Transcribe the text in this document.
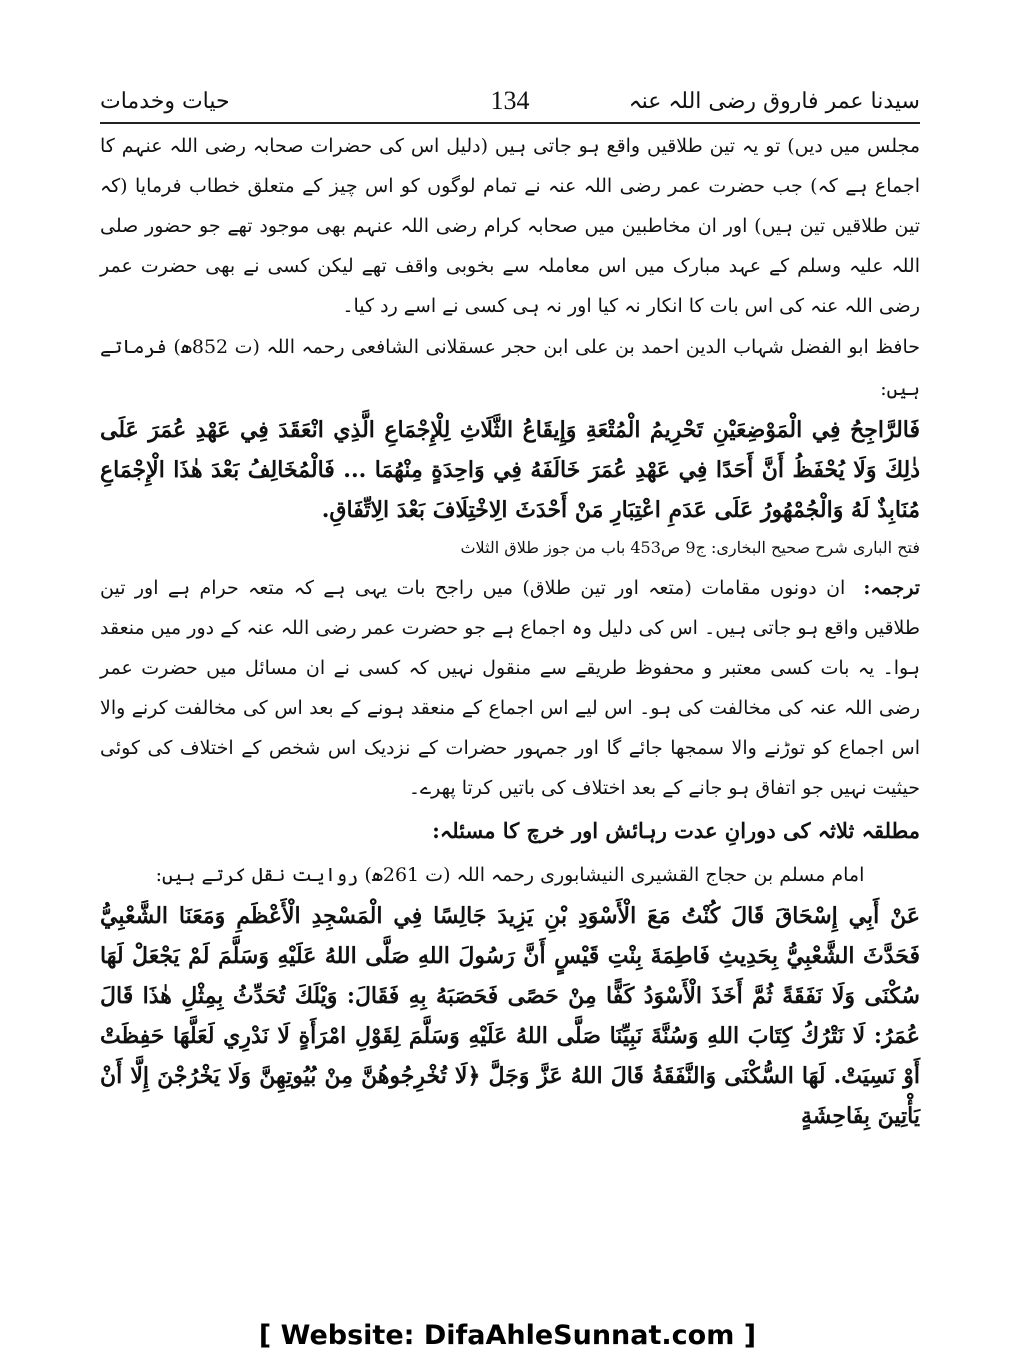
حیات وخدمات	134	سیدنا عمر فاروق رضی اللہ عنہ

مجلس میں دیں) تو یہ تین طلاقیں واقع ہو جاتی ہیں (دلیل اس کی حضرات صحابہ رضی اللہ عنہم کا اجماع ہے کہ) جب حضرت عمر رضی اللہ عنہ نے تمام لوگوں کو اس چیز کے متعلق خطاب فرمایا (کہ تین طلاقیں تین ہیں) اور ان مخاطبین میں صحابہ کرام رضی اللہ عنہم بھی موجود تھے جو حضور صلی اللہ علیہ وسلم کے عہد مبارک میں اس معاملہ سے بخوبی واقف تھے لیکن کسی نے بھی حضرت عمر رضی اللہ عنہ کی اس بات کا انکار نہ کیا اور نہ ہی کسی نے اسے رد کیا۔

حافظ ابو الفضل شہاب الدین احمد بن علی ابن حجر عسقلانی الشافعی رحمہ اللہ (ت 852ھ) فرماتے ہیں:

فَالرَّاجِحُ فِي الْمَوْضِعَيْنِ تَحْرِيمُ الْمُتْعَةِ وَإِيقَاعُ الثَّلَاثِ لِلْإِجْمَاعِ الَّذِي انْعَقَدَ فِي عَهْدِ عُمَرَ عَلَى ذٰلِكَ وَلَا يُحْفَظُ أَنَّ أَحَدًا فِي عَهْدِ عُمَرَ خَالَفَهُ فِي وَاحِدَةٍ مِنْهُمَا ... فَالْمُخَالِفُ بَعْدَ هٰذَا الْإِجْمَاعِ مُنَابِذٌ لَهُ وَالْجُمْهُورُ عَلَى عَدَمِ اعْتِبَارِ مَنْ أَحْدَثَ الِاخْتِلَافَ بَعْدَ الِاتِّفَاقِ.

فتح الباری شرح صحیح البخاری: ج9 ص453 باب من جوز طلاق الثلاث

ترجمہ:ان دونوں مقامات (متعہ اور تین طلاق) میں راجح بات یہی ہے کہ متعہ حرام ہے اور تین طلاقیں واقع ہو جاتی ہیں۔ اس کی دلیل وہ اجماع ہے جو حضرت عمر رضی اللہ عنہ کے دور میں منعقد ہوا۔ یہ بات کسی معتبر و محفوظ طریقے سے منقول نہیں کہ کسی نے ان مسائل میں حضرت عمر رضی اللہ عنہ کی مخالفت کی ہو۔ اس لیے اس اجماع کے منعقد ہونے کے بعد اس کی مخالفت کرنے والا اس اجماع کو توڑنے والا سمجھا جائے گا اور جمہور حضرات کے نزدیک اس شخص کے اختلاف کی کوئی حیثیت نہیں جو اتفاق ہو جانے کے بعد اختلاف کی باتیں کرتا پھرے۔

مطلقہ ثلاثہ کی دورانِ عدت رہائش اور خرچ کا مسئلہ:

امام مسلم بن حجاج القشیری النیشابوری رحمہ اللہ (ت 261ھ) روایت نقل کرتے ہیں:

عَنْ أَبِي إِسْحَاقَ قَالَ كُنْتُ مَعَ الْأَسْوَدِ بْنِ يَزِيدَ جَالِسًا فِي الْمَسْجِدِ الْأَعْظَمِ وَمَعَنَا الشَّعْبِيُّ فَحَدَّثَ الشَّعْبِيُّ بِحَدِيثِ فَاطِمَةَ بِنْتِ قَيْسٍ أَنَّ رَسُولَ اللهِ صَلَّى اللهُ عَلَيْهِ وَسَلَّمَ لَمْ يَجْعَلْ لَهَا سُكْنَى وَلَا نَفَقَةً ثُمَّ أَخَذَ الْأَسْوَدُ كَفًّا مِنْ حَصًى فَحَصَبَهُ بِهِ فَقَالَ: وَيْلَكَ تُحَدِّثُ بِمِثْلِ هٰذَا قَالَ عُمَرُ: لَا نَتْرُكُ كِتَابَ اللهِ وَسُنَّةَ نَبِيِّنَا صَلَّى اللهُ عَلَيْهِ وَسَلَّمَ لِقَوْلِ امْرَأَةٍ لَا نَدْرِي لَعَلَّهَا حَفِظَتْ أَوْ نَسِيَتْ. لَهَا السُّكْنَى وَالنَّفَقَةُ قَالَ اللهُ عَزَّ وَجَلَّ ﴿لَا تُخْرِجُوهُنَّ مِنْ بُيُوتِهِنَّ وَلَا يَخْرُجْنَ إِلَّا أَنْ يَأْتِينَ بِفَاحِشَةٍ

[ Website: DifaAhleSunnat.com ]
